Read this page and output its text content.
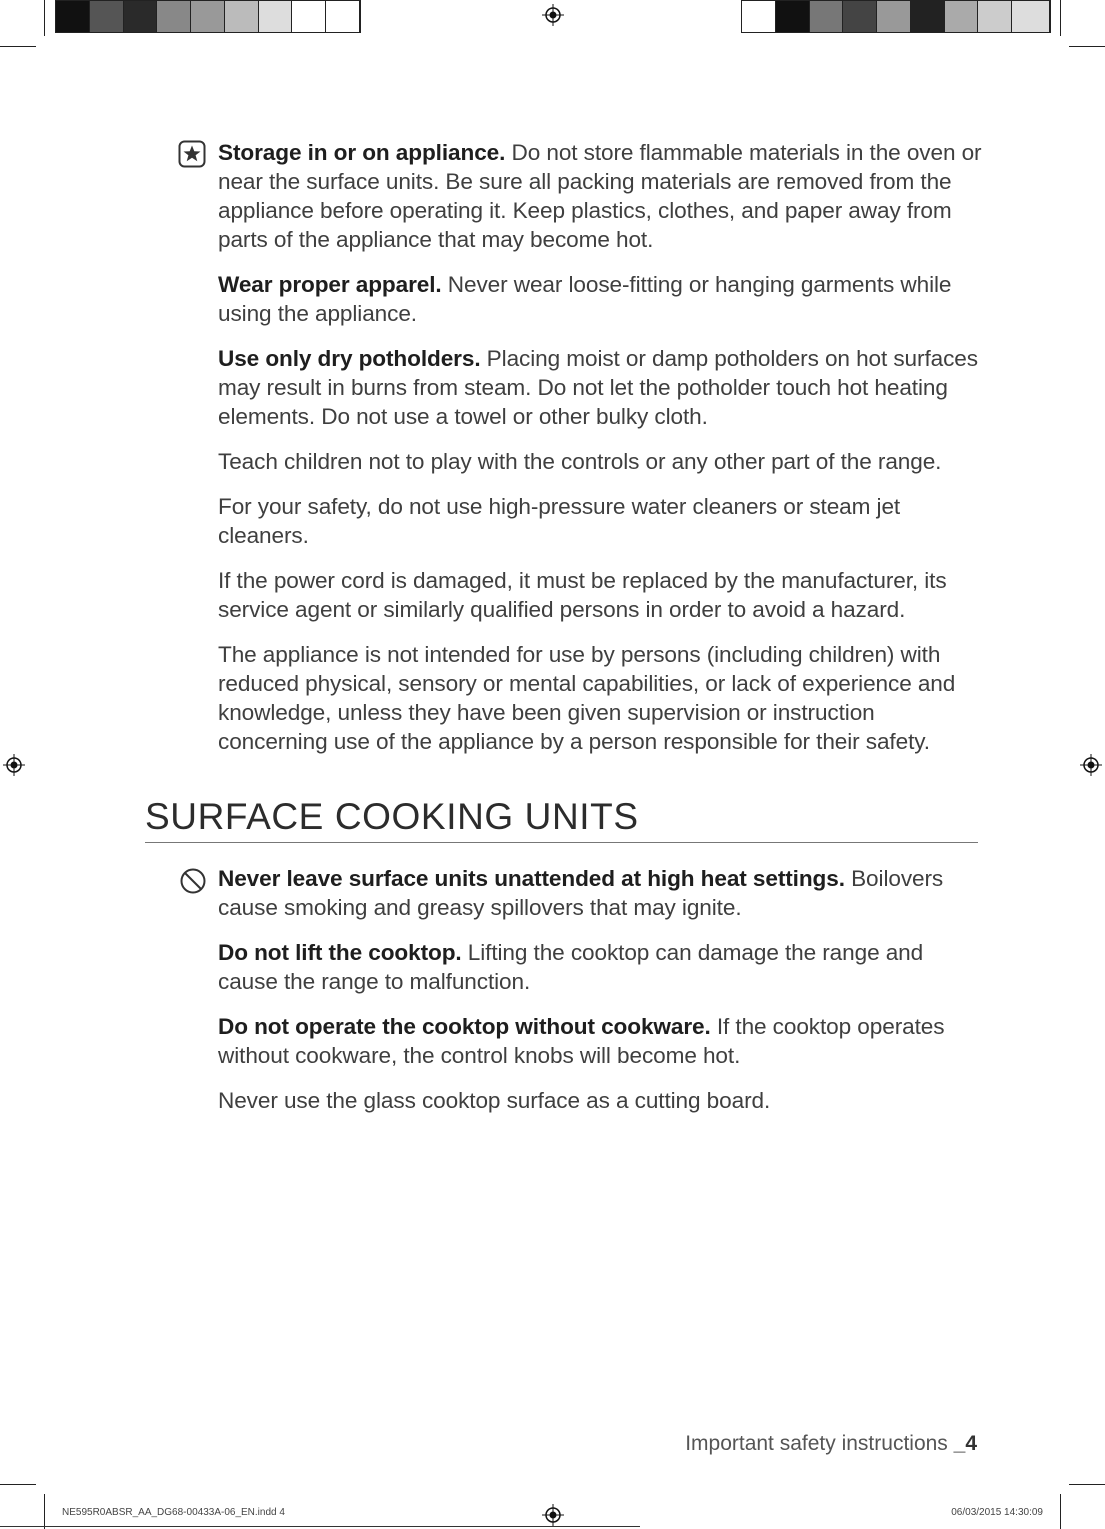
Storage in or on appliance. Do not store flammable materials in the oven or near the surface units. Be sure all packing materials are removed from the appliance before operating it. Keep plastics, clothes, and paper away from parts of the appliance that may become hot.

Wear proper apparel. Never wear loose-fitting or hanging garments while using the appliance.

Use only dry potholders. Placing moist or damp potholders on hot surfaces may result in burns from steam. Do not let the potholder touch hot heating elements. Do not use a towel or other bulky cloth.

Teach children not to play with the controls or any other part of the range.

For your safety, do not use high-pressure water cleaners or steam jet cleaners.

If the power cord is damaged, it must be replaced by the manufacturer, its service agent or similarly qualified persons in order to avoid a hazard.

The appliance is not intended for use by persons (including children) with reduced physical, sensory or mental capabilities, or lack of experience and knowledge, unless they have been given supervision or instruction concerning use of the appliance by a person responsible for their safety.

SURFACE COOKING UNITS

Never leave surface units unattended at high heat settings. Boilovers cause smoking and greasy spillovers that may ignite.

Do not lift the cooktop. Lifting the cooktop can damage the range and cause the range to malfunction.

Do not operate the cooktop without cookware. If the cooktop operates without cookware, the control knobs will become hot.

Never use the glass cooktop surface as a cutting board.

Important safety instructions _4
NE595R0ABSR_AA_DG68-00433A-06_EN.indd 4	06/03/2015 14:30:09
